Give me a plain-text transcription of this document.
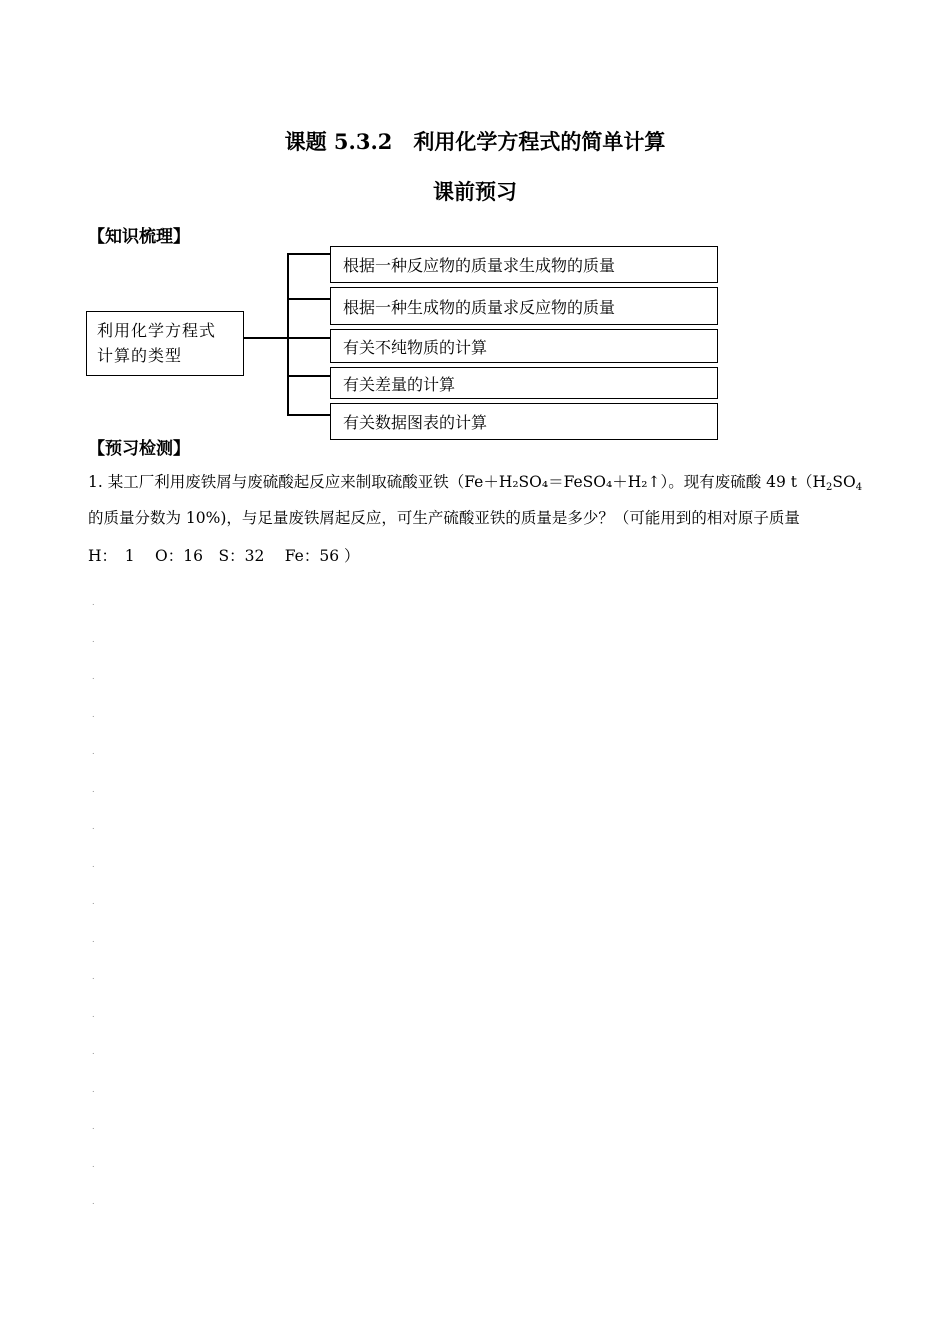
课题 5.3.2　利用化学方程式的简单计算
课前预习
【知识梳理】
利用化学方程式
计算的类型
根据一种反应物的质量求生成物的质量
根据一种生成物的质量求反应物的质量
有关不纯物质的计算
有关差量的计算
有关数据图表的计算
【预习检测】
1. 某工厂利用废铁屑与废硫酸起反应来制取硫酸亚铁（Fe＋H₂SO₄＝FeSO₄＋H₂↑）。现有废硫酸 49 $t(H_2SO_4$
的质量分数为 10%)，与足量废铁屑起反应，可生产硫酸亚铁的质量是多少？（可能用到的相对原子质量
H：　1　 O：16　S：32　 Fe：56 ）
.
.
.
.
.
.
.
.
.
.
.
.
.
.
.
.
.
